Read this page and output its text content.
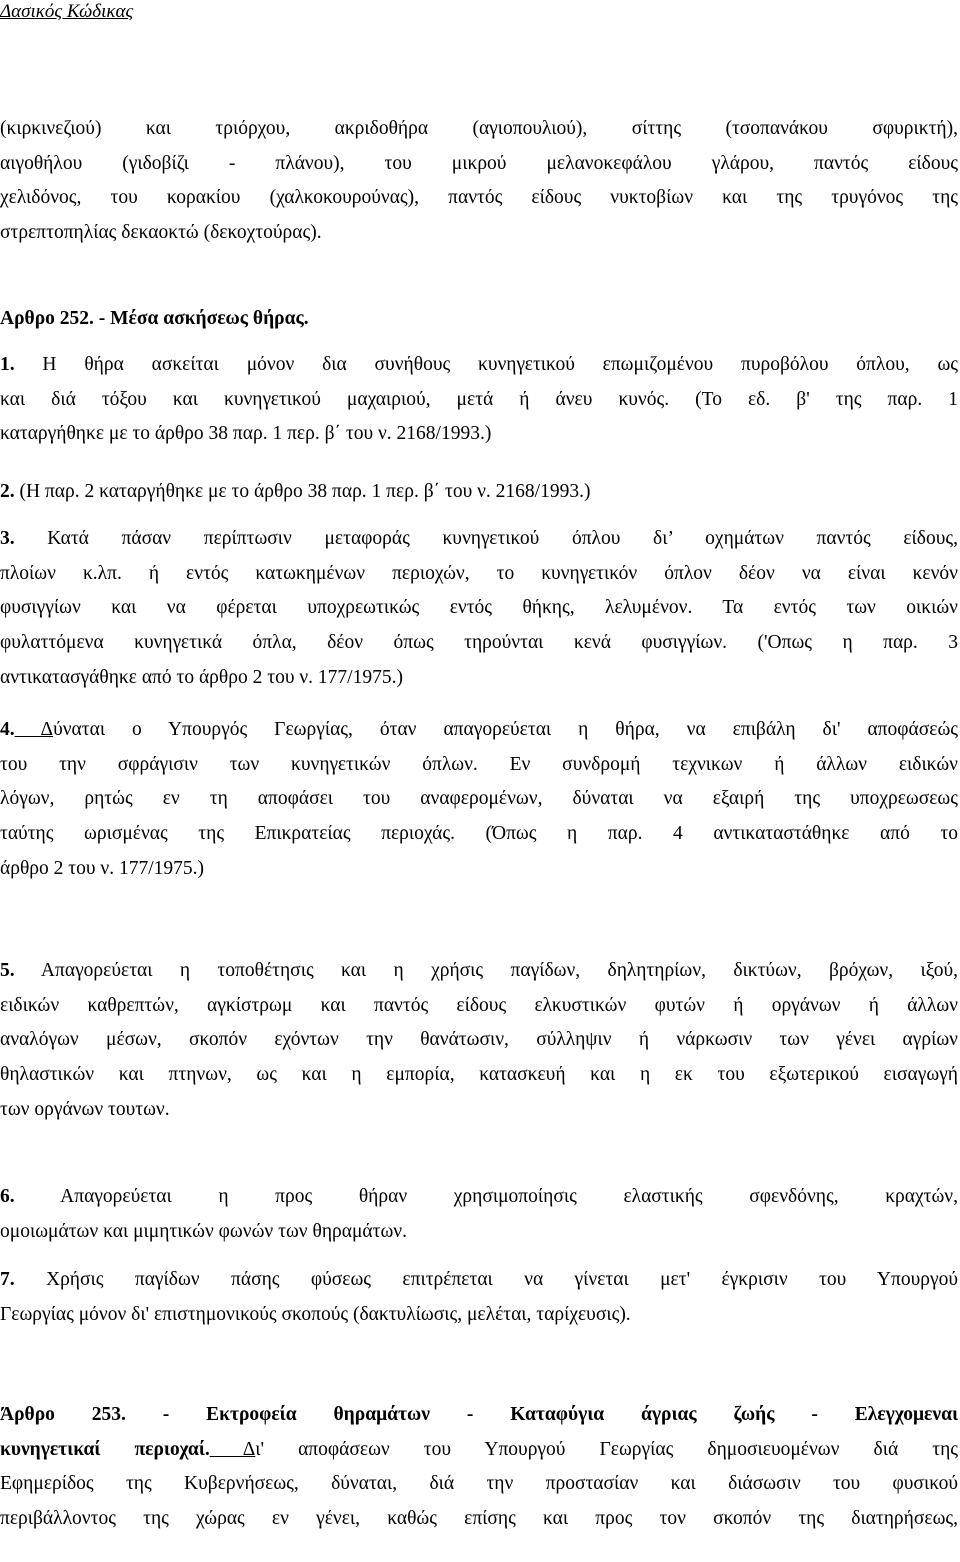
Δασικός Κώδικας
(κιρκινεζιού) και τριόρχου, ακριδοθήρα (αγιοπουλιού), σίττης (τσοπανάκου σφυρικτή),
αιγοθήλου (γιδοβίζι - πλάνου), του μικρού μελανοκεφάλου γλάρου, παντός είδους
χελιδόνος, του κορακίου (χαλκοκουρούνας), παντός είδους νυκτοβίων και της τρυγόνος της
στρεπτοπηλίας δεκαοκτώ (δεκοχτούρας).
Αρθρο 252. - Μέσα ασκήσεως θήρας.
1. Η θήρα ασκείται μόνον δια συνήθους κυνηγετικού επωμιζομένου πυροβόλου όπλου, ως
και διά τόξου και κυνηγετικού μαχαιριού, μετά ή άνευ κυνός. (Το εδ. β' της παρ. 1
καταργήθηκε με το άρθρο 38 παρ. 1 περ. β΄ του ν. 2168/1993.)
2. (Η παρ. 2 καταργήθηκε με το άρθρο 38 παρ. 1 περ. β΄ του ν. 2168/1993.)
3. Κατά πάσαν περίπτωσιν μεταφοράς κυνηγετικού όπλου δι’ οχημάτων παντός είδους,
πλοίων κ.λπ. ή εντός κατωκημένων περιοχών, το κυνηγετικόν όπλον δέον να είναι κενόν
φυσιγγίων και να φέρεται υποχρεωτικώς εντός θήκης, λελυμένον. Τα εντός των οικιών
φυλαττόμενα κυνηγετικά όπλα, δέον όπως τηρούνται κενά φυσιγγίων. ('Οπως η παρ. 3
αντικατασγάθηκε από το άρθρο 2 του ν. 177/1975.)
4. Δύναται ο Υπουργός Γεωργίας, όταν απαγορεύεται η θήρα, να επιβάλη δι' αποφάσεώς
του την σφράγισιν των κυνηγετικών όπλων. Εν συνδρομή τεχνικων ή άλλων ειδικών
λόγων, ρητώς εν τη αποφάσει του αναφερομένων, δύναται να εξαιρή της υποχρεωσεως
ταύτης ωρισμένας της Επικρατείας περιοχάς. (Όπως η παρ. 4 αντικαταστάθηκε από το
άρθρο 2 του ν. 177/1975.)
5. Απαγορεύεται η τοποθέτησις και η χρήσις παγίδων, δηλητηρίων, δικτύων, βρόχων, ιξού,
ειδικών καθρεπτών, αγκίστρωμ και παντός είδους ελκυστικών φυτών ή οργάνων ή άλλων
αναλόγων μέσων, σκοπόν εχόντων την θανάτωσιν, σύλληψιν ή νάρκωσιν των γένει αγρίων
θηλαστικών και πτηνων, ως και η εμπορία, κατασκευή και η εκ του εξωτερικού εισαγωγή
των οργάνων τουτων.
6. Απαγορεύεται η προς θήραν χρησιμοποίησις ελαστικής σφενδόνης, κραχτών,
ομοιωμάτων και μιμητικών φωνών των θηραμάτων.
7. Χρήσις παγίδων πάσης φύσεως επιτρέπεται να γίνεται μετ' έγκρισιν του Υπουργού
Γεωργίας μόνον δι' επιστημονικούς σκοπούς (δακτυλίωσις, μελέται, ταρίχευσις).
Άρθρο 253. - Εκτροφεία θηραμάτων - Καταφύγια άγριας ζωής - Ελεγχομεναι
κυνηγετικαί περιοχαί. Δι' αποφάσεων του Υπουργού Γεωργίας δημοσιευομένων διά της
Εφημερίδος της Κυβερνήσεως, δύναται, διά την προστασίαν και διάσωσιν του φυσικού
περιβάλλοντος της χώρας εν γένει, καθώς επίσης και προς τον σκοπόν της διατηρήσεως,
